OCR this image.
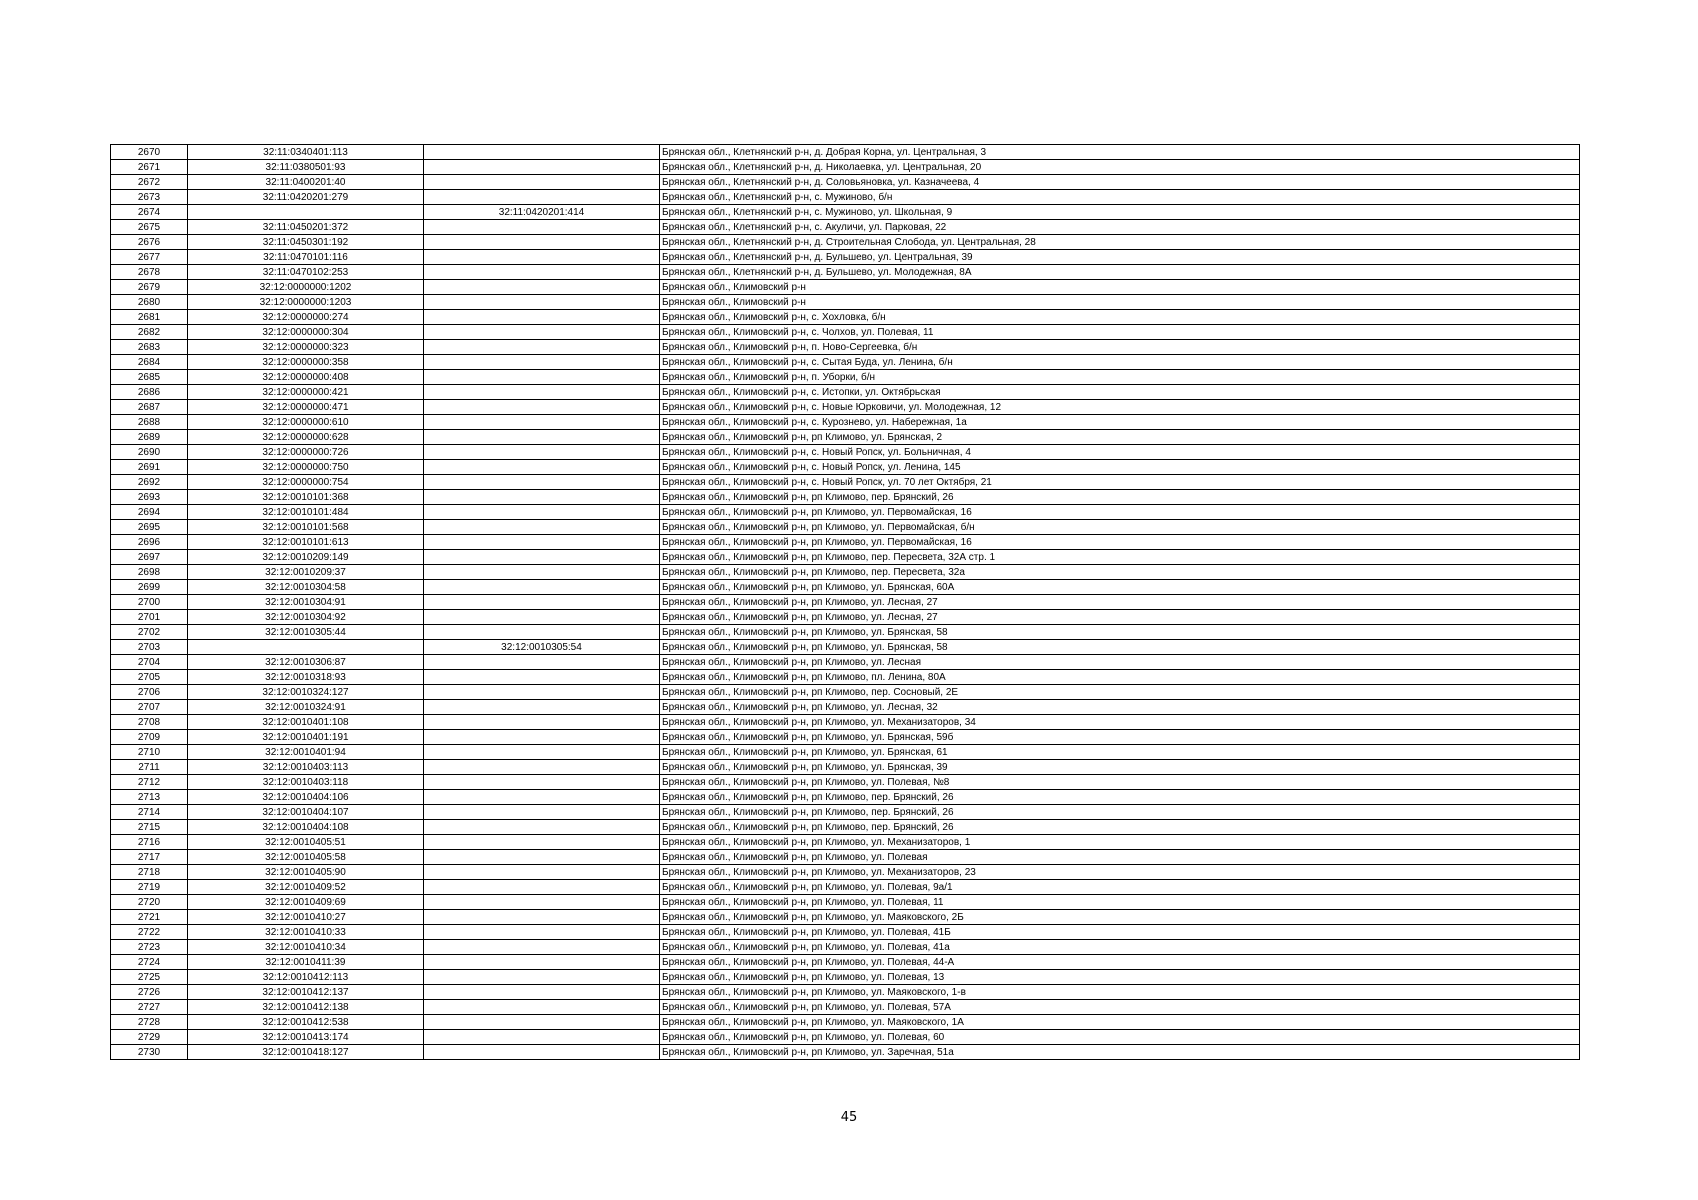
2670	32:11:0340401:113		Брянская обл., Клетнянский р-н, д. Добрая Корна, ул. Центральная, 3
2671	32:11:0380501:93		Брянская обл., Клетнянский р-н, д. Николаевка, ул. Центральная, 20
2672	32:11:0400201:40		Брянская обл., Клетнянский р-н, д. Соловьяновка, ул. Казначеева, 4
2673	32:11:0420201:279		Брянская обл., Клетнянский р-н, с. Мужиново, б/н
2674		32:11:0420201:414	Брянская обл., Клетнянский р-н, с. Мужиново, ул. Школьная, 9
2675	32:11:0450201:372		Брянская обл., Клетнянский р-н, с. Акуличи, ул. Парковая, 22
2676	32:11:0450301:192		Брянская обл., Клетнянский р-н, д. Строительная Слобода, ул. Центральная, 28
2677	32:11:0470101:116		Брянская обл., Клетнянский р-н, д. Бульшево, ул. Центральная, 39
2678	32:11:0470102:253		Брянская обл., Клетнянский р-н, д. Бульшево, ул. Молодежная, 8А
2679	32:12:0000000:1202		Брянская обл., Климовский р-н
2680	32:12:0000000:1203		Брянская обл., Климовский р-н
2681	32:12:0000000:274		Брянская обл., Климовский р-н, с. Хохловка, б/н
2682	32:12:0000000:304		Брянская обл., Климовский р-н, с. Чолхов, ул. Полевая, 11
2683	32:12:0000000:323		Брянская обл., Климовский р-н, п. Ново-Сергеевка, б/н
2684	32:12:0000000:358		Брянская обл., Климовский р-н, с. Сытая Буда, ул. Ленина, б/н
2685	32:12:0000000:408		Брянская обл., Климовский р-н, п. Уборки, б/н
2686	32:12:0000000:421		Брянская обл., Климовский р-н, с. Истопки, ул. Октябрьская
2687	32:12:0000000:471		Брянская обл., Климовский р-н, с. Новые Юрковичи, ул. Молодежная, 12
2688	32:12:0000000:610		Брянская обл., Климовский р-н, с. Курознево, ул. Набережная, 1а
2689	32:12:0000000:628		Брянская обл., Климовский р-н, рп Климово, ул. Брянская, 2
2690	32:12:0000000:726		Брянская обл., Климовский р-н, с. Новый Ропск, ул. Больничная, 4
2691	32:12:0000000:750		Брянская обл., Климовский р-н, с. Новый Ропск, ул. Ленина, 145
2692	32:12:0000000:754		Брянская обл., Климовский р-н, с. Новый Ропск, ул. 70 лет Октября, 21
2693	32:12:0010101:368		Брянская обл., Климовский р-н, рп Климово, пер. Брянский, 26
2694	32:12:0010101:484		Брянская обл., Климовский р-н, рп Климово, ул. Первомайская, 16
2695	32:12:0010101:568		Брянская обл., Климовский р-н, рп Климово, ул. Первомайская, б/н
2696	32:12:0010101:613		Брянская обл., Климовский р-н, рп Климово, ул. Первомайская, 16
2697	32:12:0010209:149		Брянская обл., Климовский р-н, рп Климово, пер. Пересвета, 32А стр. 1
2698	32:12:0010209:37		Брянская обл., Климовский р-н, рп Климово, пер. Пересвета, 32а
2699	32:12:0010304:58		Брянская обл., Климовский р-н, рп Климово, ул. Брянская, 60А
2700	32:12:0010304:91		Брянская обл., Климовский р-н, рп Климово, ул. Лесная, 27
2701	32:12:0010304:92		Брянская обл., Климовский р-н, рп Климово, ул. Лесная, 27
2702	32:12:0010305:44		Брянская обл., Климовский р-н, рп Климово, ул. Брянская, 58
2703		32:12:0010305:54	Брянская обл., Климовский р-н, рп Климово, ул. Брянская, 58
2704	32:12:0010306:87		Брянская обл., Климовский р-н, рп Климово, ул. Лесная
2705	32:12:0010318:93		Брянская обл., Климовский р-н, рп Климово, пл. Ленина, 80А
2706	32:12:0010324:127		Брянская обл., Климовский р-н, рп Климово, пер. Сосновый, 2Е
2707	32:12:0010324:91		Брянская обл., Климовский р-н, рп Климово, ул. Лесная, 32
2708	32:12:0010401:108		Брянская обл., Климовский р-н, рп Климово, ул. Механизаторов, 34
2709	32:12:0010401:191		Брянская обл., Климовский р-н, рп Климово, ул. Брянская, 59б
2710	32:12:0010401:94		Брянская обл., Климовский р-н, рп Климово, ул. Брянская, 61
2711	32:12:0010403:113		Брянская обл., Климовский р-н, рп Климово, ул. Брянская, 39
2712	32:12:0010403:118		Брянская обл., Климовский р-н, рп Климово, ул. Полевая, №8
2713	32:12:0010404:106		Брянская обл., Климовский р-н, рп Климово, пер. Брянский, 26
2714	32:12:0010404:107		Брянская обл., Климовский р-н, рп Климово, пер. Брянский, 26
2715	32:12:0010404:108		Брянская обл., Климовский р-н, рп Климово, пер. Брянский, 26
2716	32:12:0010405:51		Брянская обл., Климовский р-н, рп Климово, ул. Механизаторов, 1
2717	32:12:0010405:58		Брянская обл., Климовский р-н, рп Климово, ул. Полевая
2718	32:12:0010405:90		Брянская обл., Климовский р-н, рп Климово, ул. Механизаторов, 23
2719	32:12:0010409:52		Брянская обл., Климовский р-н, рп Климово, ул. Полевая, 9а/1
2720	32:12:0010409:69		Брянская обл., Климовский р-н, рп Климово, ул. Полевая, 11
2721	32:12:0010410:27		Брянская обл., Климовский р-н, рп Климово, ул. Маяковского, 2Б
2722	32:12:0010410:33		Брянская обл., Климовский р-н, рп Климово, ул. Полевая, 41Б
2723	32:12:0010410:34		Брянская обл., Климовский р-н, рп Климово, ул. Полевая, 41а
2724	32:12:0010411:39		Брянская обл., Климовский р-н, рп Климово, ул. Полевая, 44-А
2725	32:12:0010412:113		Брянская обл., Климовский р-н, рп Климово, ул. Полевая, 13
2726	32:12:0010412:137		Брянская обл., Климовский р-н, рп Климово, ул. Маяковского, 1-в
2727	32:12:0010412:138		Брянская обл., Климовский р-н, рп Климово, ул. Полевая, 57А
2728	32:12:0010412:538		Брянская обл., Климовский р-н, рп Климово, ул. Маяковского, 1А
2729	32:12:0010413:174		Брянская обл., Климовский р-н, рп Климово, ул. Полевая, 60
2730	32:12:0010418:127		Брянская обл., Климовский р-н, рп Климово, ул. Заречная, 51а
45
